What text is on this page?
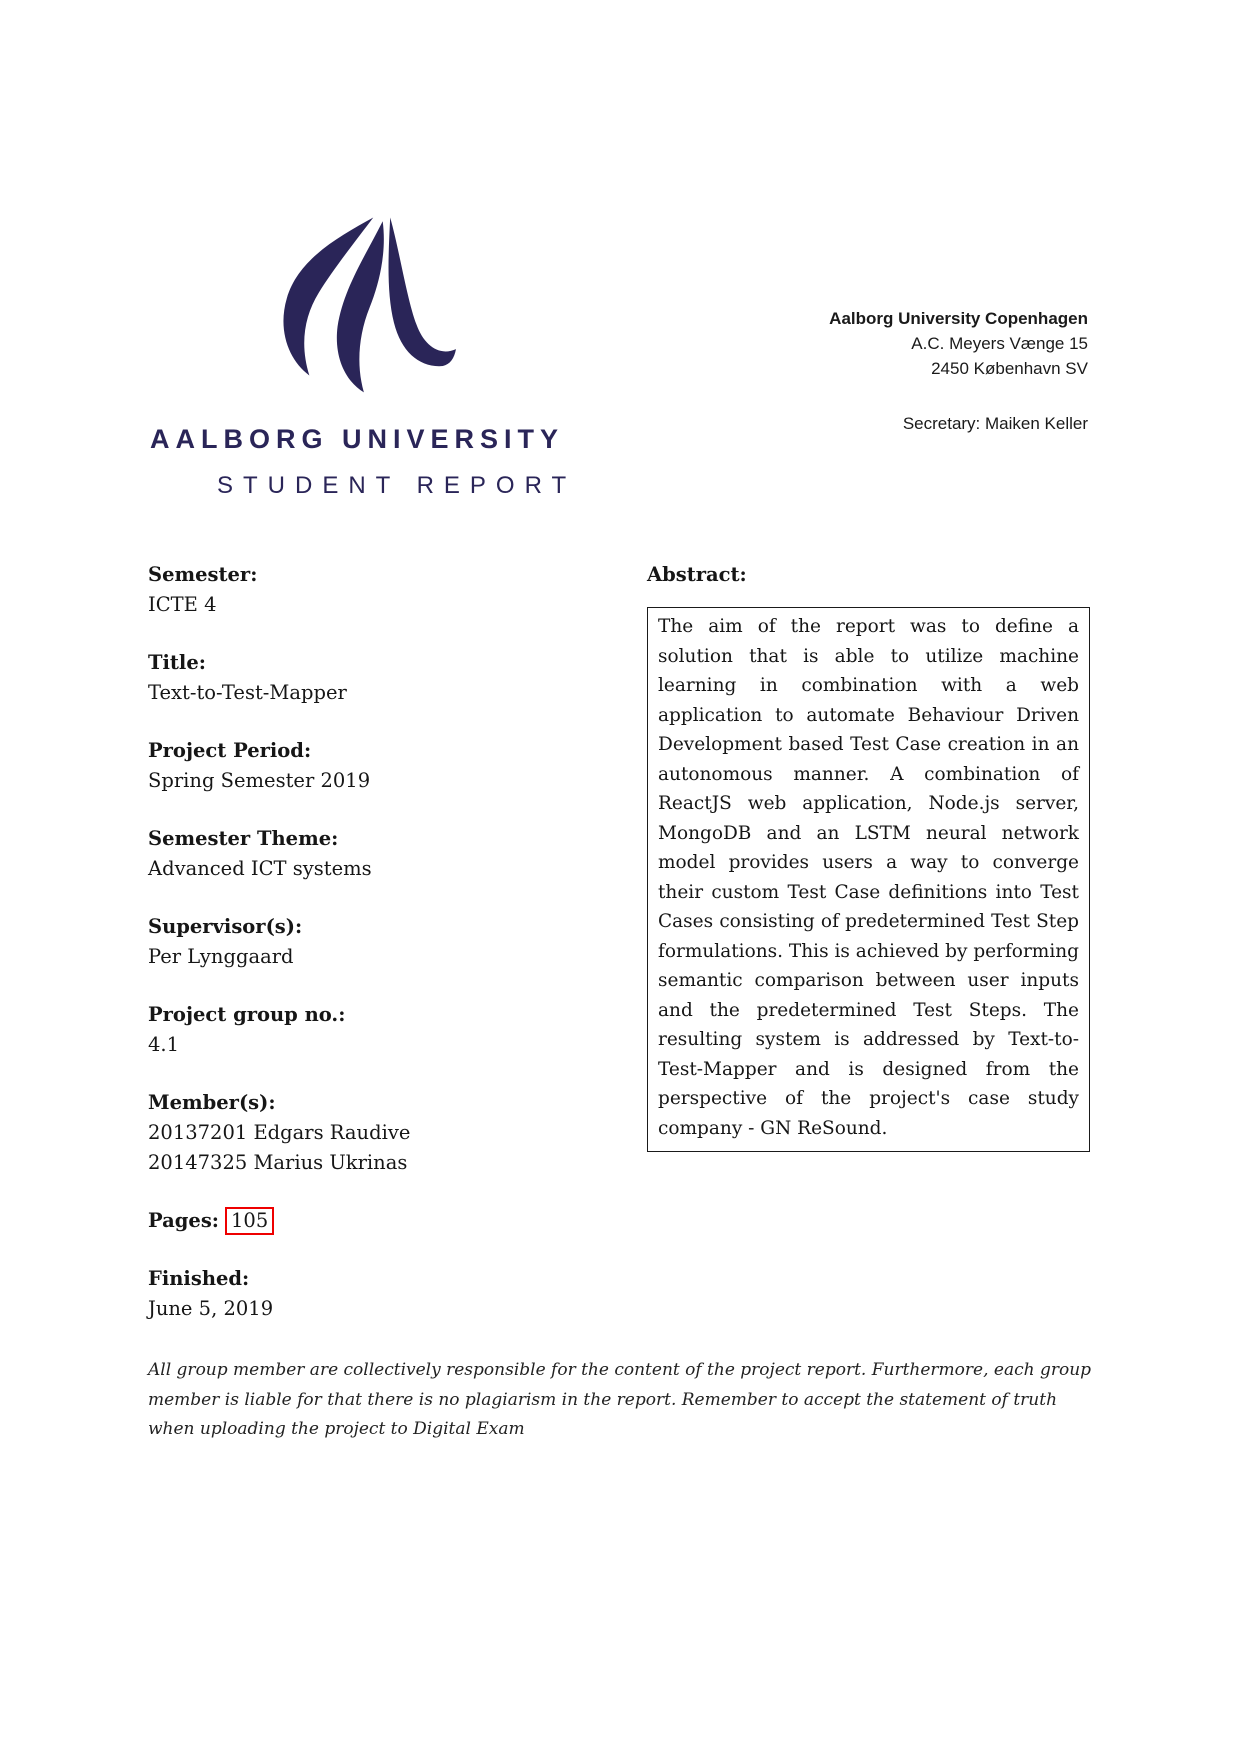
AALBORG UNIVERSITY
STUDENT REPORT
Aalborg University Copenhagen
A.C. Meyers Vænge 15
2450 København SV
Secretary: Maiken Keller
Semester:
ICTE 4
Title:
Text-to-Test-Mapper
Project Period:
Spring Semester 2019
Semester Theme:
Advanced ICT systems
Supervisor(s):
Per Lynggaard
Project group no.:
4.1
Member(s):
20137201 Edgars Raudive
20147325 Marius Ukrinas
Pages: 105
Finished:
June 5, 2019
Abstract:

The aim of the report was to define a solution that is able to utilize machine learning in combination with a web application to automate Behaviour Driven Development based Test Case creation in an autonomous manner. A combination of ReactJS web application, Node.js server, MongoDB and an LSTM neural network model provides users a way to converge their custom Test Case definitions into Test Cases consisting of predetermined Test Step formulations. This is achieved by performing semantic comparison between user inputs and the predetermined Test Steps. The resulting system is addressed by Text-to-Test-Mapper and is designed from the perspective of the project's case study company - GN ReSound.

All group member are collectively responsible for the content of the project report. Furthermore, each group member is liable for that there is no plagiarism in the report. Remember to accept the statement of truth when uploading the project to Digital Exam
